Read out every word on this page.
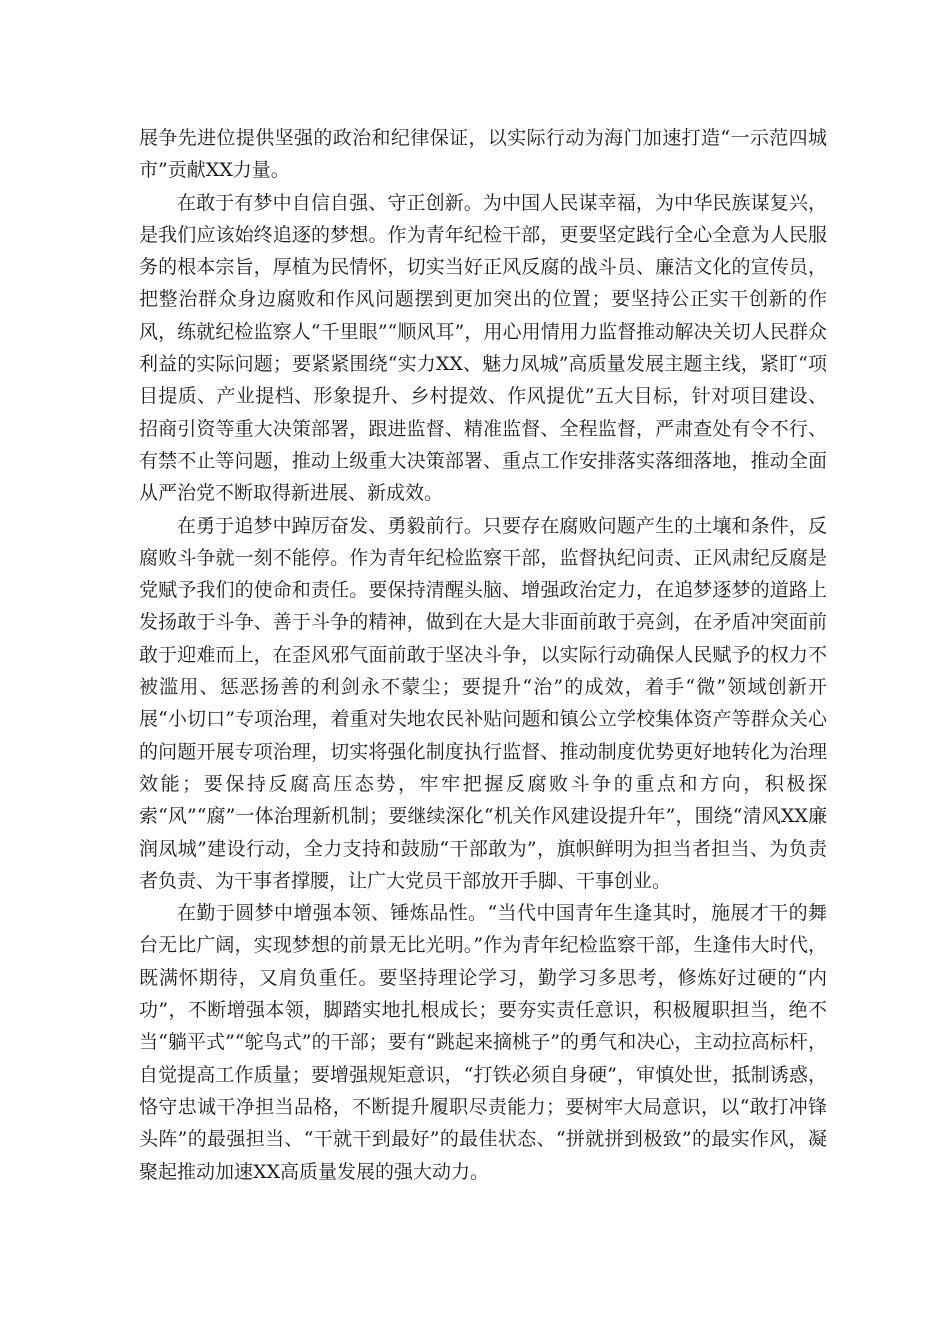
展争先进位提供坚强的政治和纪律保证，以实际行动为海门加速打造“一示范四城市”贡献XX力量。

在敢于有梦中自信自强、守正创新。为中国人民谋幸福，为中华民族谋复兴，是我们应该始终追逐的梦想。作为青年纪检干部，更要坚定践行全心全意为人民服务的根本宗旨，厚植为民情怀，切实当好正风反腐的战斗员、廉洁文化的宣传员，把整治群众身边腐败和作风问题摆到更加突出的位置；要坚持公正实干创新的作风，练就纪检监察人“千里眼”“顺风耳”，用心用情用力监督推动解决关切人民群众利益的实际问题；要紧紧围绕“实力XX、魅力凤城”高质量发展主题主线，紧盯“项目提质、产业提档、形象提升、乡村提效、作风提优”五大目标，针对项目建设、招商引资等重大决策部署，跟进监督、精准监督、全程监督，严肃查处有令不行、有禁不止等问题，推动上级重大决策部署、重点工作安排落实落细落地，推动全面从严治党不断取得新进展、新成效。

在勇于追梦中踔厉奋发、勇毅前行。只要存在腐败问题产生的土壤和条件，反腐败斗争就一刻不能停。作为青年纪检监察干部，监督执纪问责、正风肃纪反腐是党赋予我们的使命和责任。要保持清醒头脑、增强政治定力，在追梦逐梦的道路上发扬敢于斗争、善于斗争的精神，做到在大是大非面前敢于亮剑，在矛盾冲突面前敢于迎难而上，在歪风邪气面前敢于坚决斗争，以实际行动确保人民赋予的权力不被滥用、惩恶扬善的利剑永不蒙尘；要提升“治”的成效，着手“微”领域创新开展“小切口”专项治理，着重对失地农民补贴问题和镇公立学校集体资产等群众关心的问题开展专项治理，切实将强化制度执行监督、推动制度优势更好地转化为治理效能；要保持反腐高压态势，牢牢把握反腐败斗争的重点和方向，积极探索“风”“腐”一体治理新机制；要继续深化“机关作风建设提升年”，围绕“清风XX廉润凤城”建设行动，全力支持和鼓励“干部敢为”，旗帜鲜明为担当者担当、为负责者负责、为干事者撑腰，让广大党员干部放开手脚、干事创业。

在勤于圆梦中增强本领、锤炼品性。“当代中国青年生逢其时，施展才干的舞台无比广阔，实现梦想的前景无比光明。”作为青年纪检监察干部，生逢伟大时代，既满怀期待，又肩负重任。要坚持理论学习，勤学习多思考，修炼好过硬的“内功”，不断增强本领，脚踏实地扎根成长；要夯实责任意识，积极履职担当，绝不当“躺平式”“鸵鸟式”的干部；要有“跳起来摘桃子”的勇气和决心，主动拉高标杆，自觉提高工作质量；要增强规矩意识，“打铁必须自身硬”，审慎处世，抵制诱惑，恪守忠诚干净担当品格，不断提升履职尽责能力；要树牢大局意识，以“敢打冲锋头阵”的最强担当、“干就干到最好”的最佳状态、“拼就拼到极致”的最实作风，凝聚起推动加速XX高质量发展的强大动力。
